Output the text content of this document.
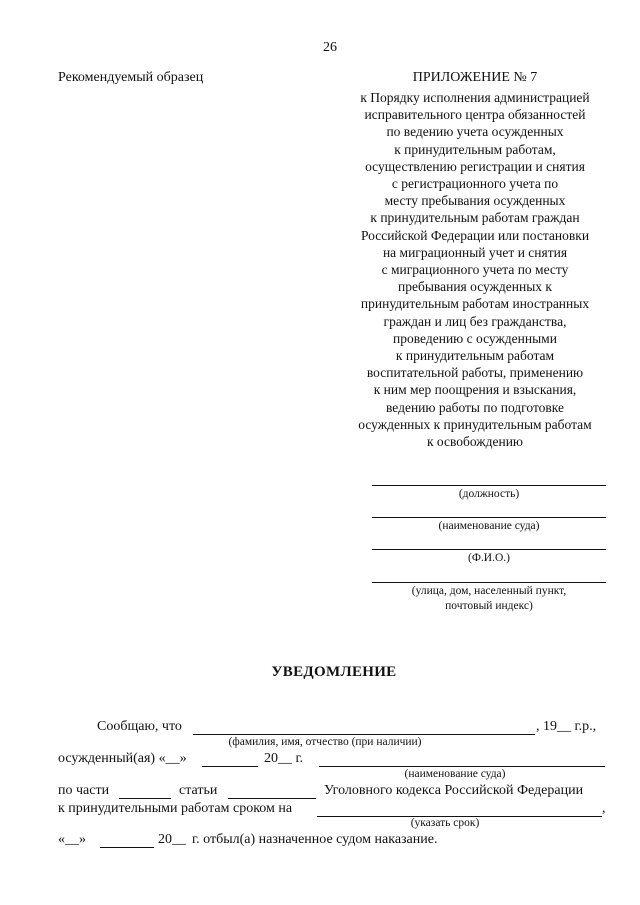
26
Рекомендуемый образец	ПРИЛОЖЕНИЕ № 7
к Порядку исполнения администрацией
исправительного центра обязанностей
по ведению учета осужденных
к принудительным работам,
осуществлению регистрации и снятия
с регистрационного учета по
месту пребывания осужденных
к принудительным работам граждан
Российской Федерации или постановки
на миграционный учет и снятия
с миграционного учета по месту
пребывания осужденных к
принудительным работам иностранных
граждан и лиц без гражданства,
проведению с осужденными
к принудительным работам
воспитательной работы, применению
к ним мер поощрения и взыскания,
ведению работы по подготовке
осужденных к принудительным работам
к освобождению
(должность)
(наименование суда)
(Ф.И.О.)
(улица, дом, населенный пункт,
почтовый индекс)
УВЕДОМЛЕНИЕ
Сообщаю, что	, 19__ г.р.,
(фамилия, имя, отчество (при наличии)
осужденный(ая) «__»	20__ г.
(наименование суда)
по части	статьи	Уголовного кодекса Российской Федерации
к принудительными работам сроком на	,
(указать срок)
«__»	20__ г. отбыл(а) назначенное судом наказание.
